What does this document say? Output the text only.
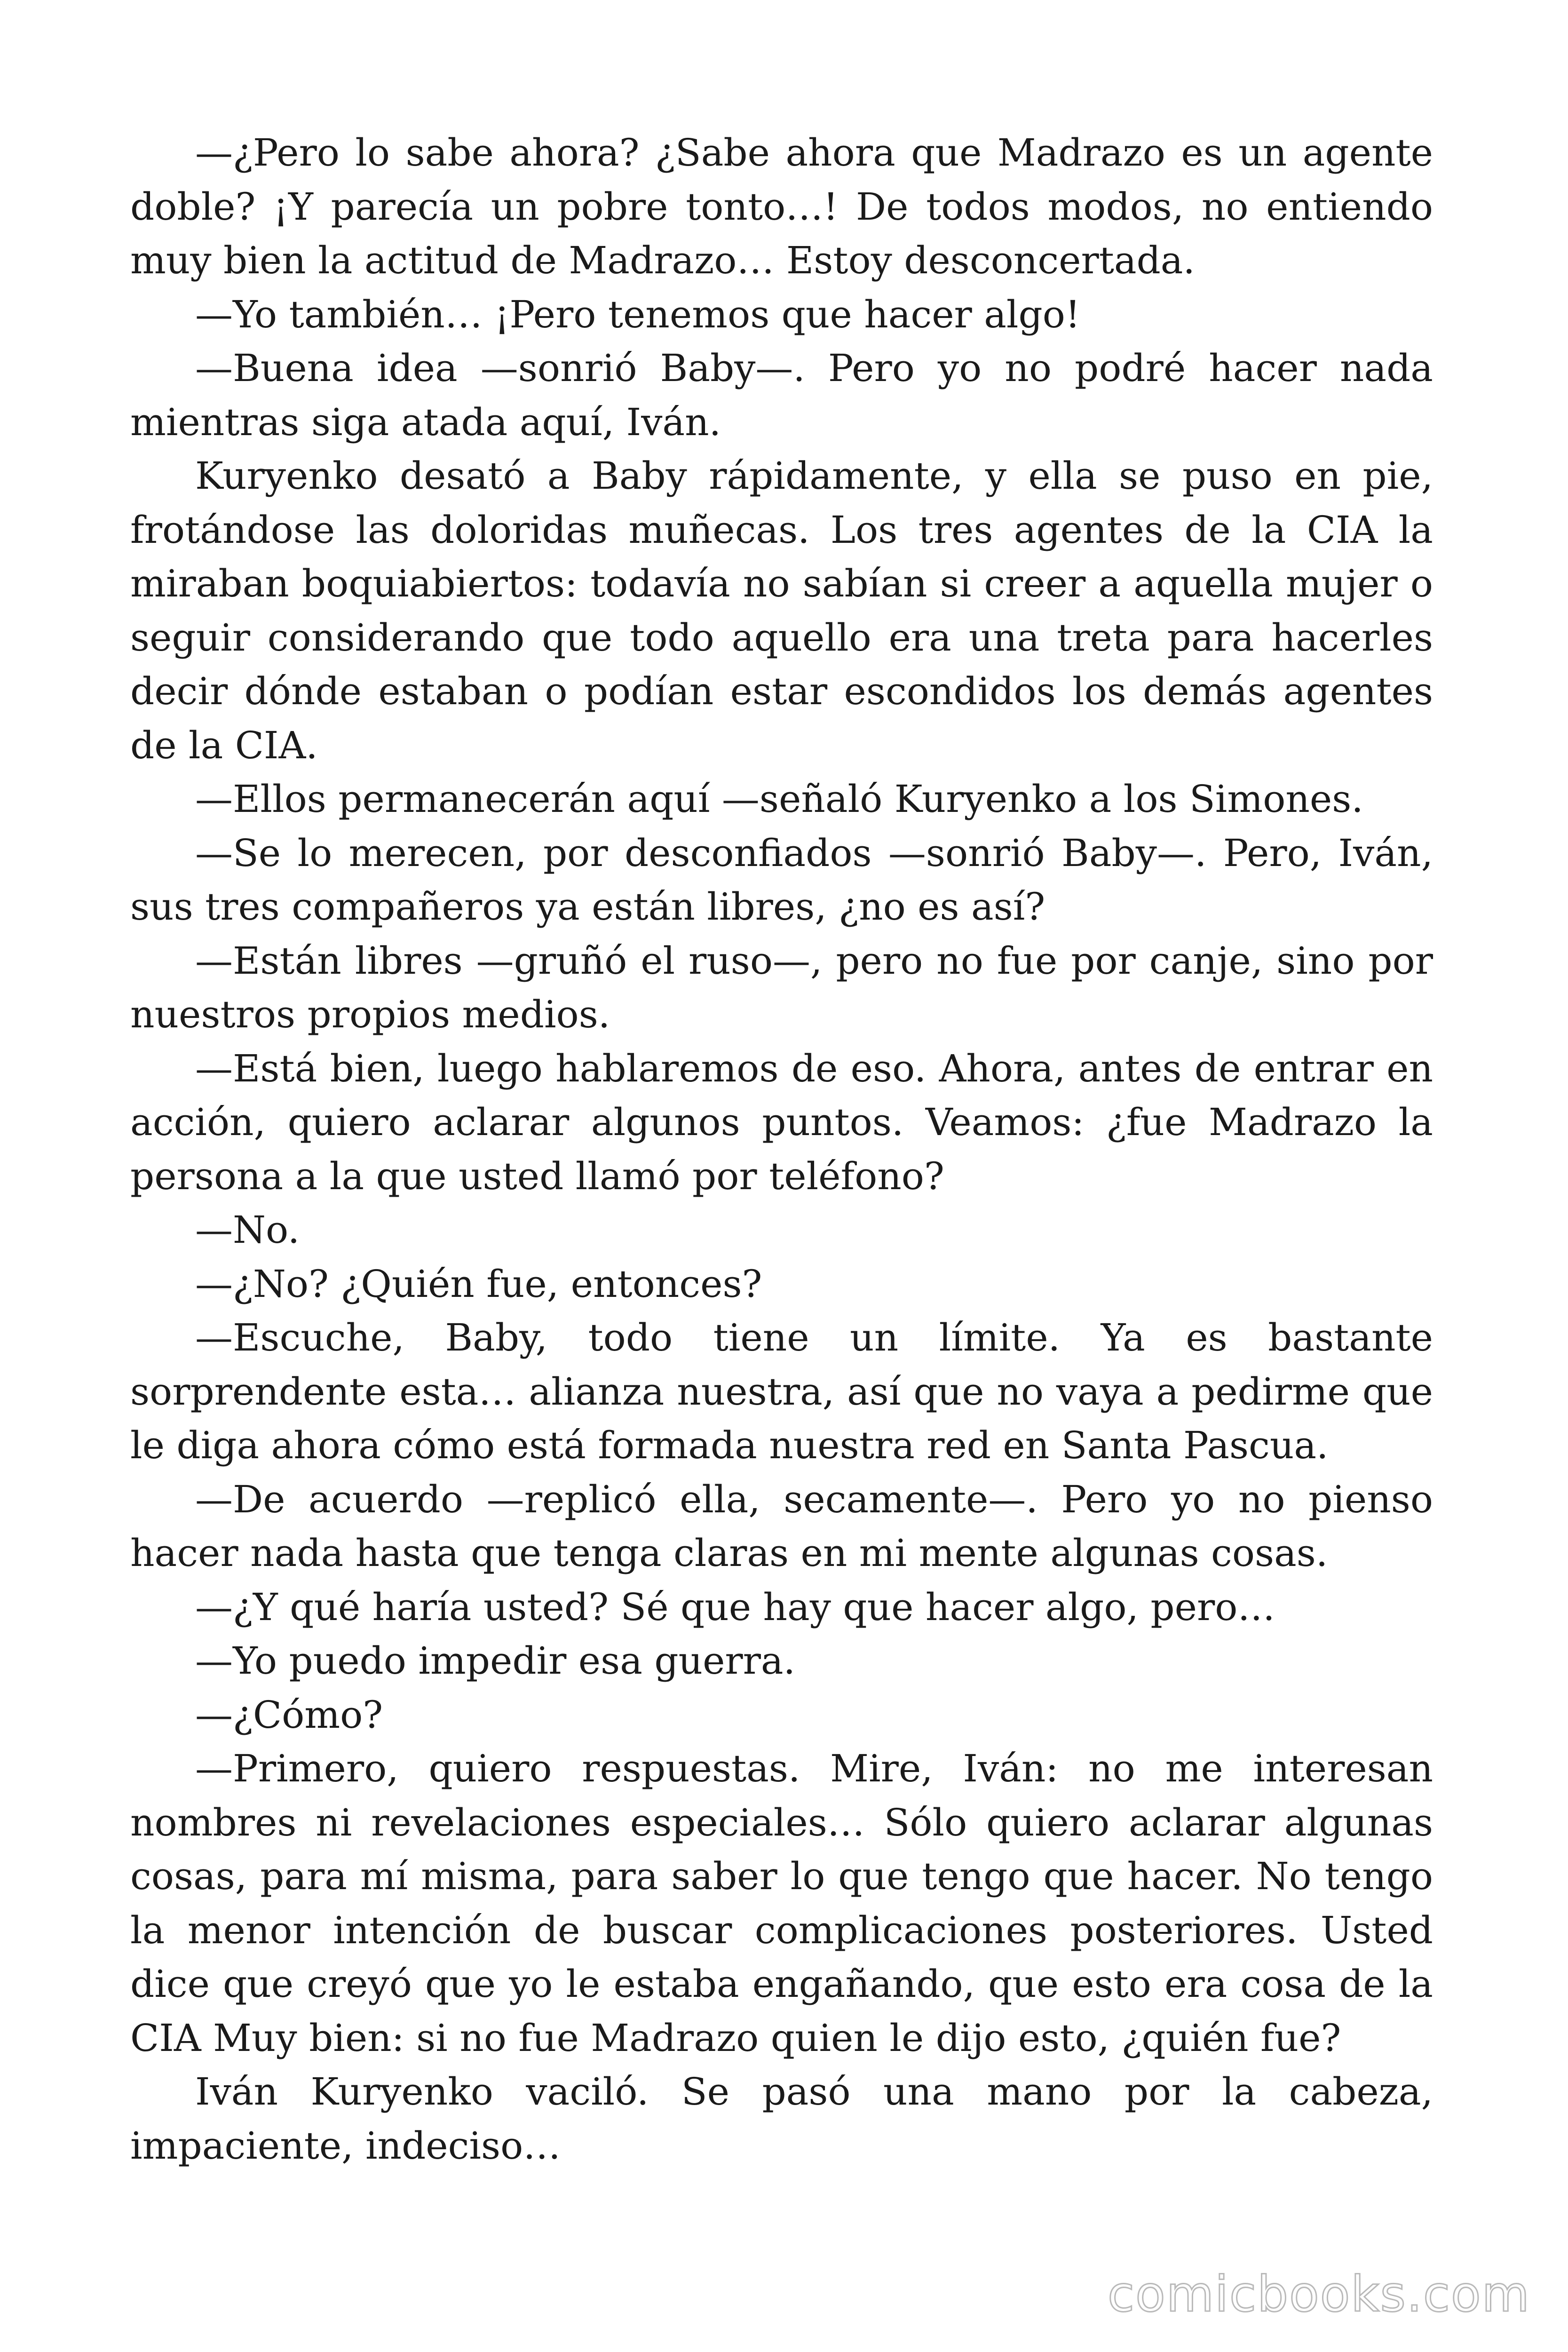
—¿Pero lo sabe ahora? ¿Sabe ahora que Madrazo es un agente doble? ¡Y parecía un pobre tonto…! De todos modos, no entiendo muy bien la actitud de Madrazo… Estoy desconcertada.

—Yo también… ¡Pero tenemos que hacer algo!

—Buena idea —sonrió Baby—. Pero yo no podré hacer nada mientras siga atada aquí, Iván.

Kuryenko desató a Baby rápidamente, y ella se puso en pie, frotándose las doloridas muñecas. Los tres agentes de la CIA la miraban boquiabiertos: todavía no sabían si creer a aquella mujer o seguir considerando que todo aquello era una treta para hacerles decir dónde estaban o podían estar escondidos los demás agentes de la CIA.

—Ellos permanecerán aquí —señaló Kuryenko a los Simones.

—Se lo merecen, por desconfiados —sonrió Baby—. Pero, Iván, sus tres compañeros ya están libres, ¿no es así?

—Están libres —gruñó el ruso—, pero no fue por canje, sino por nuestros propios medios.

—Está bien, luego hablaremos de eso. Ahora, antes de entrar en acción, quiero aclarar algunos puntos. Veamos: ¿fue Madrazo la persona a la que usted llamó por teléfono?

—No.

—¿No? ¿Quién fue, entonces?

—Escuche, Baby, todo tiene un límite. Ya es bastante sorprendente esta… alianza nuestra, así que no vaya a pedirme que le diga ahora cómo está formada nuestra red en Santa Pascua.

—De acuerdo —replicó ella, secamente—. Pero yo no pienso hacer nada hasta que tenga claras en mi mente algunas cosas.

—¿Y qué haría usted? Sé que hay que hacer algo, pero…

—Yo puedo impedir esa guerra.

—¿Cómo?

—Primero, quiero respuestas. Mire, Iván: no me interesan nombres ni revelaciones especiales… Sólo quiero aclarar algunas cosas, para mí misma, para saber lo que tengo que hacer. No tengo la menor intención de buscar complicaciones posteriores. Usted dice que creyó que yo le estaba engañando, que esto era cosa de la CIA Muy bien: si no fue Madrazo quien le dijo esto, ¿quién fue?

Iván Kuryenko vaciló. Se pasó una mano por la cabeza, impaciente, indeciso…

comicbooks.com
